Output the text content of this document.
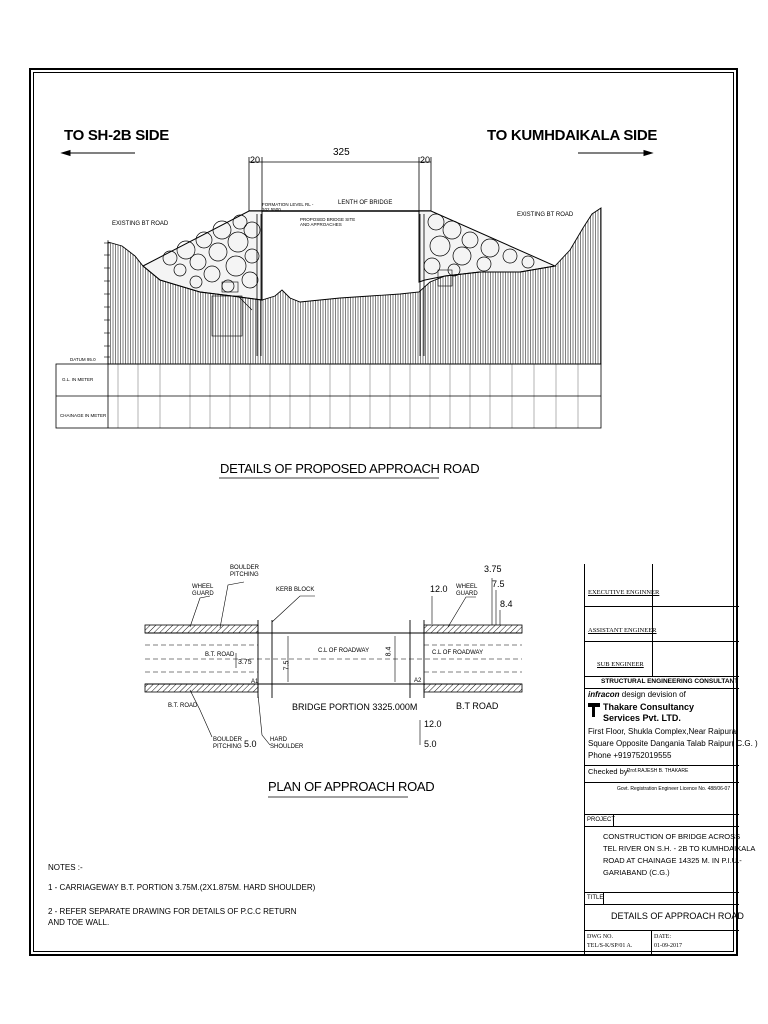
TO SH-2B SIDE	TO KUMHDAIKALA SIDE
20
325
20
LENTH OF BRIDGE
FORMATION LEVEL RL - 102.5500
PROPOSED BRIDGE SITE AND APPROACHES
EXISTING BT ROAD
EXISTING BT ROAD
G.L. IN METER
CHAINAGE IN METER
DATUM 95.0
DETAILS OF PROPOSED APPROACH ROAD
BOULDER PITCHING
WHEEL GUARD
KERB BLOCK	12.0 WHEEL GUARD
3.75
7.5
8.4
B.T. ROAD
3.75
C.L OF ROADWAY	C.L OF ROADWAY
7.5
8.4
A1	A2
B.T. ROAD	BRIDGE PORTION 3325.000M	B.T ROAD
12.0
5.0
BOULDER PITCHING 5.0 HARD SHOULDER
PLAN OF APPROACH ROAD
NOTES :-
1 - CARRIAGEWAY B.T. PORTION 3.75M.(2X1.875M. HARD SHOULDER)
2 - REFER SEPARATE DRAWING FOR DETAILS OF P.C.C RETURN
AND TOE WALL.
EXECUTIVE ENGINNER
ASSISTANT ENGINEER
SUB ENGINEER
STRUCTURAL ENGINEERING CONSULTANT
infracon design devision of
Thakare Consultancy
Services Pvt. LTD.
First Floor, Shukla Complex,Near Raipura
Square Opposite Dangania Talab Raipur( C.G. )
Phone +919752019555
Checked by-
Prof.RAJESH B. THAKARE
Govt. Registration Engineer Licence No. 488/06-07
PROJECT
CONSTRUCTION OF BRIDGE ACROSS
TEL RIVER ON S.H. - 2B TO KUMHDAIKALA
ROAD AT CHAINAGE 14325 M. IN P.I.U.-
GARIABAND (C.G.)
TITLE
DETAILS OF APPROACH ROAD
DWG NO.
TEL/S-K/SP/01 A.
DATE:
01-09-2017
